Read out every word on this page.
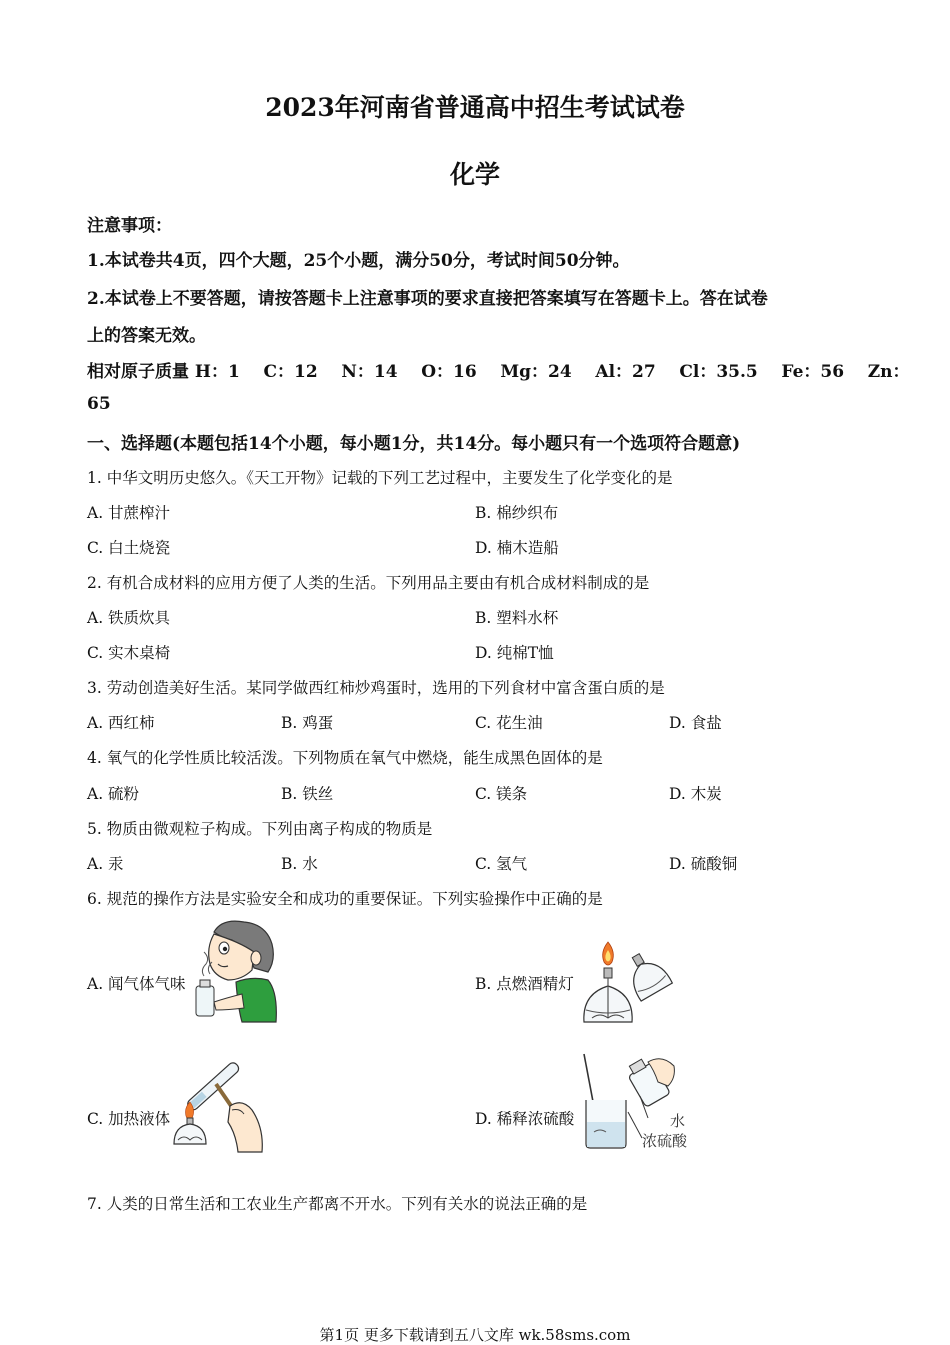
2023年河南省普通高中招生考试试卷
化学
注意事项：
1.本试卷共4页，四个大题，25个小题，满分50分，考试时间50分钟。
2.本试卷上不要答题，请按答题卡上注意事项的要求直接把答案填写在答题卡上。答在试卷
上的答案无效。
相对原子质量 H：1    C：12    N：14    O：16    Mg：24    Al：27    Cl：35.5    Fe：56    Zn：
65
一、选择题(本题包括14个小题，每小题1分，共14分。每小题只有一个选项符合题意)
1. 中华文明历史悠久。《天工开物》记载的下列工艺过程中，主要发生了化学变化的是
A. 甘蔗榨汁	B. 棉纱织布
C. 白土烧瓷	D. 楠木造船
2. 有机合成材料的应用方便了人类的生活。下列用品主要由有机合成材料制成的是
A. 铁质炊具	B. 塑料水杯
C. 实木桌椅	D. 纯棉T恤
3. 劳动创造美好生活。某同学做西红柿炒鸡蛋时，选用的下列食材中富含蛋白质的是
A. 西红柿	B. 鸡蛋	C. 花生油	D. 食盐
4. 氧气的化学性质比较活泼。下列物质在氧气中燃烧，能生成黑色固体的是
A. 硫粉	B. 铁丝	C. 镁条	D. 木炭
5. 物质由微观粒子构成。下列由离子构成的物质是
A. 汞	B. 水	C. 氢气	D. 硫酸铜
6. 规范的操作方法是实验安全和成功的重要保证。下列实验操作中正确的是
A. 闻气体气味	B. 点燃酒精灯
C. 加热液体	D. 稀释浓硫酸	水
浓硫酸
7. 人类的日常生活和工农业生产都离不开水。下列有关水的说法正确的是
第1页 更多下载请到五八文库 wk.58sms.com
